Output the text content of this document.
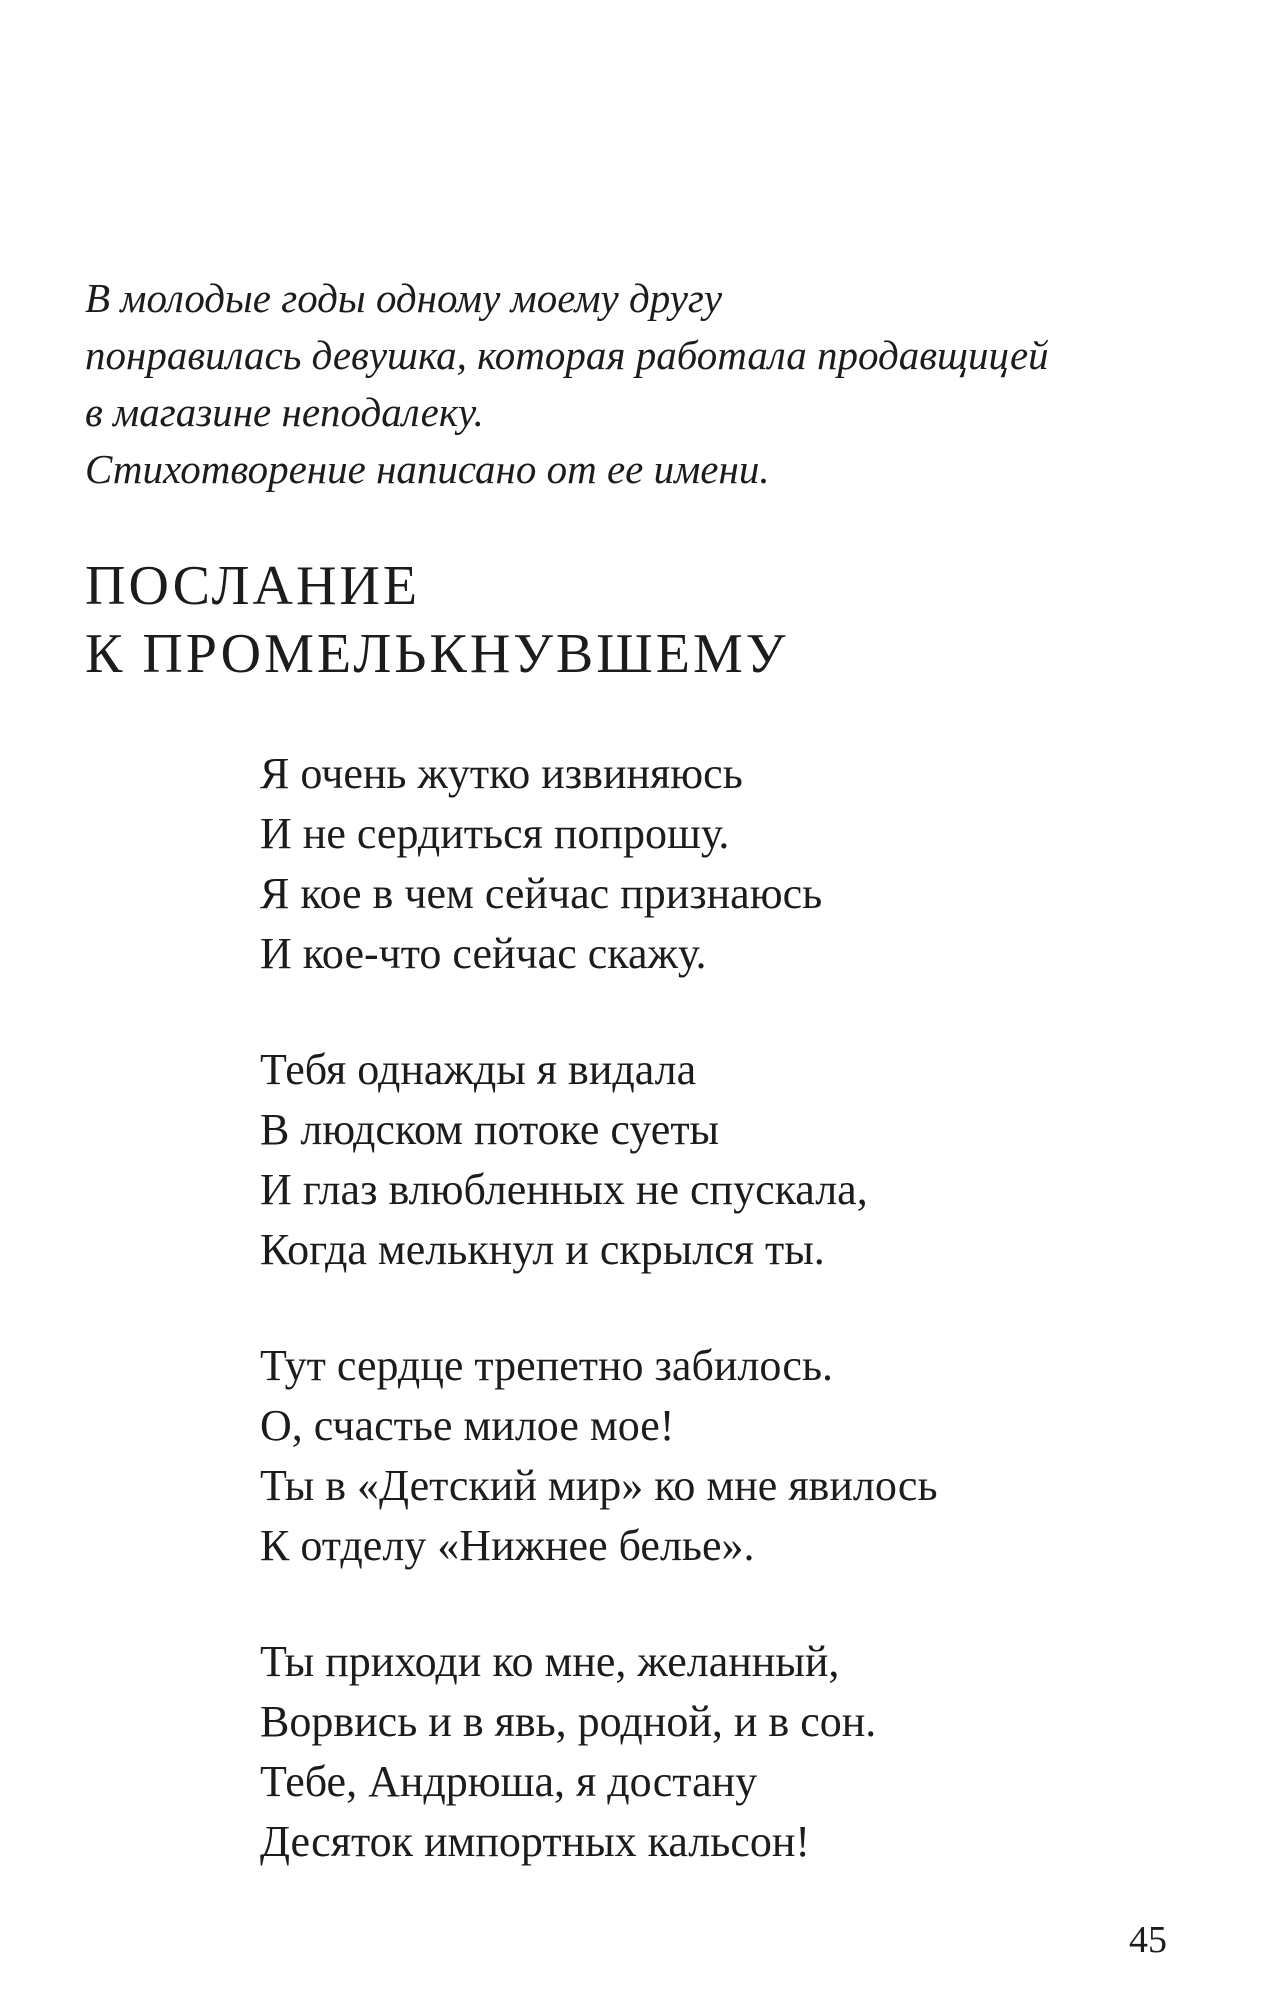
В молодые годы одному моему другу
понравилась девушка, которая работала продавщицей
в магазине неподалеку.
Стихотворение написано от ее имени.
ПОСЛАНИЕ
К ПРОМЕЛЬКНУВШЕМУ
Я очень жутко извиняюсь
И не сердиться попрошу.
Я кое в чем сейчас признаюсь
И кое-что сейчас скажу.
Тебя однажды я видала
В людском потоке суеты
И глаз влюбленных не спускала,
Когда мелькнул и скрылся ты.
Тут сердце трепетно забилось.
О, счастье милое мое!
Ты в «Детский мир» ко мне явилось
К отделу «Нижнее белье».
Ты приходи ко мне, желанный,
Ворвись и в явь, родной, и в сон.
Тебе, Андрюша, я достану
Десяток импортных кальсон!
45
